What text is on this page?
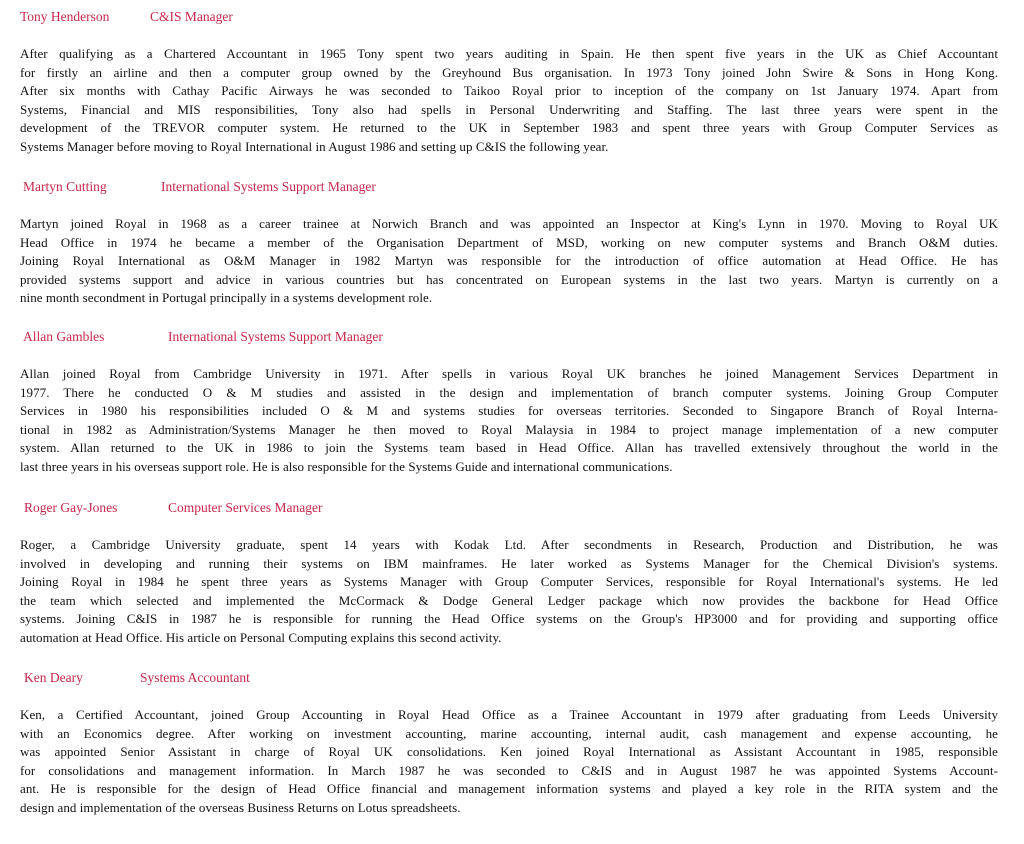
Tony Henderson	C&IS Manager
After qualifying as a Chartered Accountant in 1965 Tony spent two years auditing in Spain. He then spent five years in the UK as Chief Accountant
for firstly an airline and then a computer group owned by the Greyhound Bus organisation. In 1973 Tony joined John Swire & Sons in Hong Kong.
After six months with Cathay Pacific Airways he was seconded to Taikoo Royal prior to inception of the company on 1st January 1974. Apart from
Systems, Financial and MIS responsibilities, Tony also had spells in Personal Underwriting and Staffing. The last three years were spent in the
development of the TREVOR computer system. He returned to the UK in September 1983 and spent three years with Group Computer Services as
Systems Manager before moving to Royal International in August 1986 and setting up C&IS the following year.
Martyn Cutting	International Systems Support Manager
Martyn joined Royal in 1968 as a career trainee at Norwich Branch and was appointed an Inspector at King's Lynn in 1970. Moving to Royal UK
Head Office in 1974 he became a member of the Organisation Department of MSD, working on new computer systems and Branch O&M duties.
Joining Royal International as O&M Manager in 1982 Martyn was responsible for the introduction of office automation at Head Office. He has
provided systems support and advice in various countries but has concentrated on European systems in the last two years. Martyn is currently on a
nine month secondment in Portugal principally in a systems development role.
Allan Gambles	International Systems Support Manager
Allan joined Royal from Cambridge University in 1971. After spells in various Royal UK branches he joined Management Services Department in
1977. There he conducted O & M studies and assisted in the design and implementation of branch computer systems. Joining Group Computer
Services in 1980 his responsibilities included O & M and systems studies for overseas territories. Seconded to Singapore Branch of Royal Interna-
tional in 1982 as Administration/Systems Manager he then moved to Royal Malaysia in 1984 to project manage implementation of a new computer
system. Allan returned to the UK in 1986 to join the Systems team based in Head Office. Allan has travelled extensively throughout the world in the
last three years in his overseas support role. He is also responsible for the Systems Guide and international communications.
Roger Gay-Jones	Computer Services Manager
Roger, a Cambridge University graduate, spent 14 years with Kodak Ltd. After secondments in Research, Production and Distribution, he was
involved in developing and running their systems on IBM mainframes. He later worked as Systems Manager for the Chemical Division's systems.
Joining Royal in 1984 he spent three years as Systems Manager with Group Computer Services, responsible for Royal International's systems. He led
the team which selected and implemented the McCormack & Dodge General Ledger package which now provides the backbone for Head Office
systems. Joining C&IS in 1987 he is responsible for running the Head Office systems on the Group's HP3000 and for providing and supporting office
automation at Head Office. His article on Personal Computing explains this second activity.
Ken Deary	Systems Accountant
Ken, a Certified Accountant, joined Group Accounting in Royal Head Office as a Trainee Accountant in 1979 after graduating from Leeds University
with an Economics degree. After working on investment accounting, marine accounting, internal audit, cash management and expense accounting, he
was appointed Senior Assistant in charge of Royal UK consolidations. Ken joined Royal International as Assistant Accountant in 1985, responsible
for consolidations and management information. In March 1987 he was seconded to C&IS and in August 1987 he was appointed Systems Account-
ant. He is responsible for the design of Head Office financial and management information systems and played a key role in the RITA system and the
design and implementation of the overseas Business Returns on Lotus spreadsheets.
